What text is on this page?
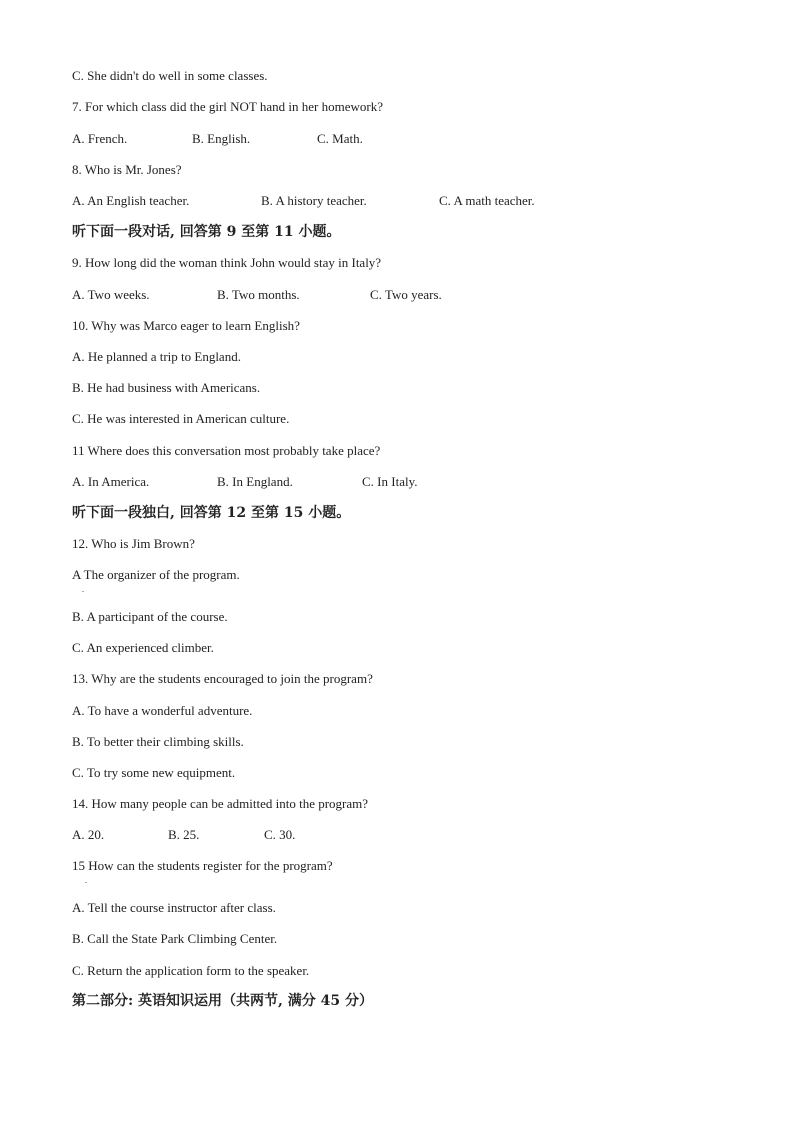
C. She didn't do well in some classes.
7. For which class did the girl NOT hand in her homework?
A. French.	B. English.	C. Math.
8. Who is Mr. Jones?
A. An English teacher.	B. A history teacher.	C. A math teacher.
听下面一段对话, 回答第 9 至第 11 小题。
9. How long did the woman think John would stay in Italy?
A. Two weeks.	B. Two months.	C. Two years.
10. Why was Marco eager to learn English?
A. He planned a trip to England.
B. He had business with Americans.
C. He was interested in American culture.
11 Where does this conversation most probably take place?
A. In America.	B. In England.	C. In Italy.
听下面一段独白, 回答第 12 至第 15 小题。
12. Who is Jim Brown?
A The organizer of the program.
.
B. A participant of the course.
C. An experienced climber.
13. Why are the students encouraged to join the program?
A. To have a wonderful adventure.
B. To better their climbing skills.
C. To try some new equipment.
14. How many people can be admitted into the program?
A. 20.	B. 25.	C. 30.
15 How can the students register for the program?
.
A. Tell the course instructor after class.
B. Call the State Park Climbing Center.
C. Return the application form to the speaker.
第二部分: 英语知识运用（共两节, 满分 45 分）
